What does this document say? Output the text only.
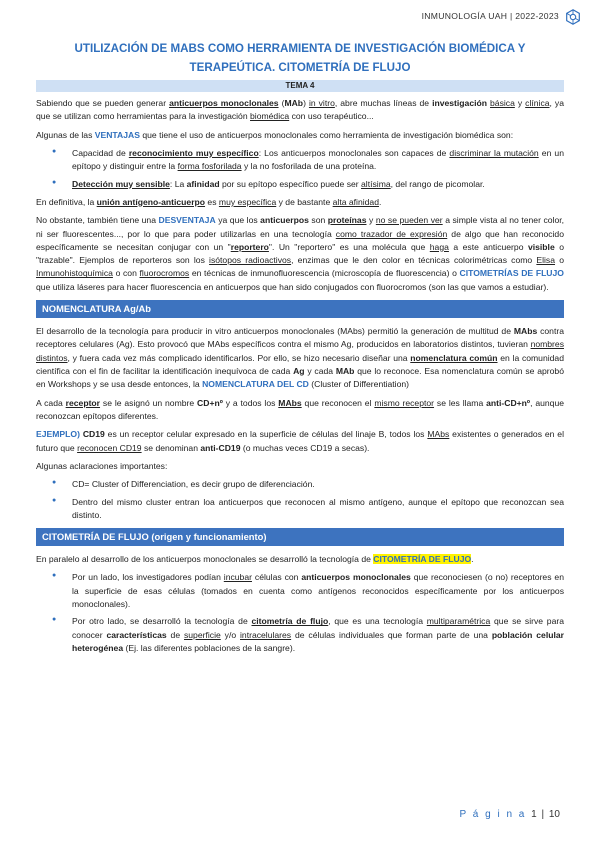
INMUNOLOGÍA UAH | 2022-2023
UTILIZACIÓN DE MABS COMO HERRAMIENTA DE INVESTIGACIÓN BIOMÉDICA Y
TERAPEÚTICA. CITOMETRÍA DE FLUJO
TEMA 4

Sabiendo que se pueden generar anticuerpos monoclonales (MAb) in vitro, abre muchas líneas de investigación básica y clínica, ya que se utilizan como herramientas para la investigación biomédica con uso terapéutico...

Algunas de las VENTAJAS que tiene el uso de anticuerpos monoclonales como herramienta de investigación biomédica son:

● Capacidad de reconocimiento muy específico: Los anticuerpos monoclonales son capaces de discriminar la mutación en un epítopo y distinguir entre la forma fosforilada y la no fosforilada de una proteína.
● Detección muy sensible: La afinidad por su epítopo específico puede ser altísima, del rango de picomolar.

En definitiva, la unión antígeno-anticuerpo es muy específica y de bastante alta afinidad.

No obstante, también tiene una DESVENTAJA ya que los anticuerpos son proteínas y no se pueden ver a simple vista al no tener color, ni ser fluorescentes..., por lo que para poder utilizarlas en una tecnología como trazador de expresión de algo que han reconocido específicamente se necesitan conjugar con un "reportero". Un "reportero" es una molécula que haga a este anticuerpo visible o "trazable". Ejemplos de reporteros son los isótopos radioactivos, enzimas que le den color en técnicas colorimétricas como Elisa o Inmunohistoquímica o con fluorocromos en técnicas de inmunofluorescencia (microscopía de fluorescencia) o CITOMETRÍAS DE FLUJO que utiliza láseres para hacer fluorescencia en anticuerpos que han sido conjugados con fluorocromos (son las que vamos a estudiar).

NOMENCLATURA Ag/Ab

El desarrollo de la tecnología para producir in vitro anticuerpos monoclonales (MAbs) permitió la generación de multitud de MAbs contra receptores celulares (Ag). Esto provocó que MAbs específicos contra el mismo Ag, producidos en laboratorios distintos, tuvieran nombres distintos, y fuera cada vez más complicado identificarlos. Por ello, se hizo necesario diseñar una nomenclatura común en la comunidad científica con el fin de facilitar la identificación inequívoca de cada Ag y cada MAb que lo reconoce. Esa nomenclatura común se aprobó en Workshops y se usa desde entonces, la NOMENCLATURA DEL CD (Cluster of Differentiation)

A cada receptor se le asignó un nombre CD+nº y a todos los MAbs que reconocen el mismo receptor se les llama anti-CD+nº, aunque reconozcan epítopos diferentes.

EJEMPLO) CD19 es un receptor celular expresado en la superficie de células del linaje B, todos los MAbs existentes o generados en el futuro que reconocen CD19 se denominan anti-CD19 (o muchas veces CD19 a secas).

Algunas aclaraciones importantes:

● CD= Cluster of Differenciation, es decir grupo de diferenciación.
● Dentro del mismo cluster entran loa anticuerpos que reconocen al mismo antígeno, aunque el epítopo que reconozcan sea distinto.
CITOMETRÍA DE FLUJO (origen y funcionamiento)

En paralelo al desarrollo de los anticuerpos monoclonales se desarrolló la tecnología de CITOMETRÍA DE FLUJO.

● Por un lado, los investigadores podían incubar células con anticuerpos monoclonales que reconociesen (o no) receptores en la superficie de esas células (tomados en cuenta como antígenos reconocidos específicamente por los anticuerpos monoclonales).
● Por otro lado, se desarrolló la tecnología de citometría de flujo, que es una tecnología multiparamétrica que se sirve para conocer características de superficie y/o intracelulares de células individuales que forman parte de una población celular heterogénea (Ej. las diferentes poblaciones de la sangre).
P á g i n a 1 | 10
